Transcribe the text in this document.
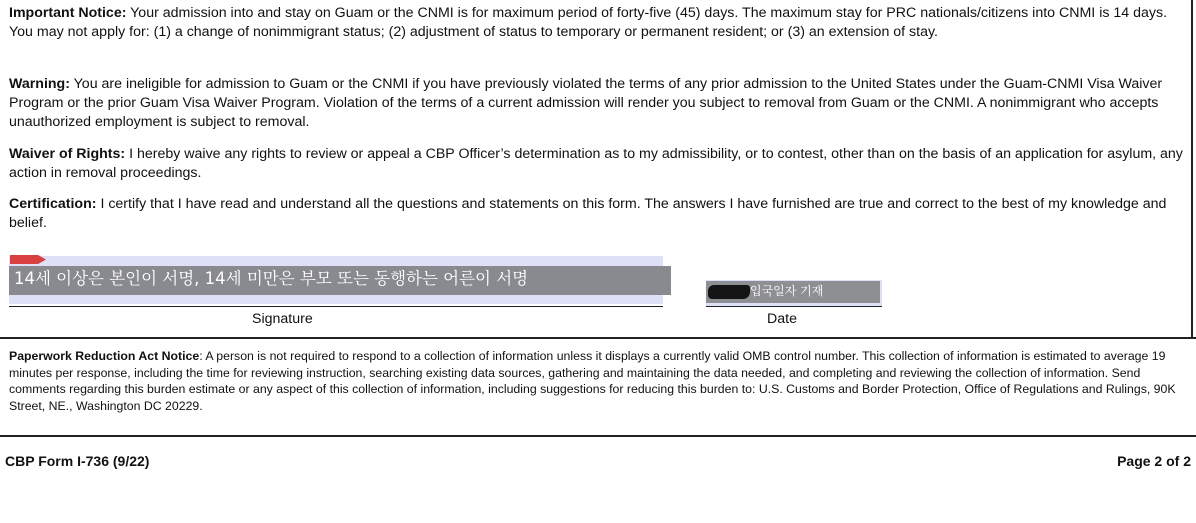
Important Notice: Your admission into and stay on Guam or the CNMI is for maximum period of forty-five (45) days. The maximum stay for PRC nationals/citizens into CNMI is 14 days. You may not apply for: (1) a change of nonimmigrant status; (2) adjustment of status to temporary or permanent resident; or (3) an extension of stay.

Warning: You are ineligible for admission to Guam or the CNMI if you have previously violated the terms of any prior admission to the United States under the Guam-CNMI Visa Waiver Program or the prior Guam Visa Waiver Program. Violation of the terms of a current admission will render you subject to removal from Guam or the CNMI. A nonimmigrant who accepts unauthorized employment is subject to removal.

Waiver of Rights: I hereby waive any rights to review or appeal a CBP Officer’s determination as to my admissibility, or to contest, other than on the basis of an application for asylum, any action in removal proceedings.

Certification: I certify that I have read and understand all the questions and statements on this form. The answers I have furnished are true and correct to the best of my knowledge and belief.

14세 이상은 본인이 서명, 14세 미만은 부모 또는 동행하는 어른이 서명
Signature
입국일자 기재
Date

Paperwork Reduction Act Notice: A person is not required to respond to a collection of information unless it displays a currently valid OMB control number. This collection of information is estimated to average 19 minutes per response, including the time for reviewing instruction, searching existing data sources, gathering and maintaining the data needed, and completing and reviewing the collection of information. Send comments regarding this burden estimate or any aspect of this collection of information, including suggestions for reducing this burden to: U.S. Customs and Border Protection, Office of Regulations and Rulings, 90K Street, NE., Washington DC 20229.

CBP Form I-736 (9/22)	Page 2 of 2
